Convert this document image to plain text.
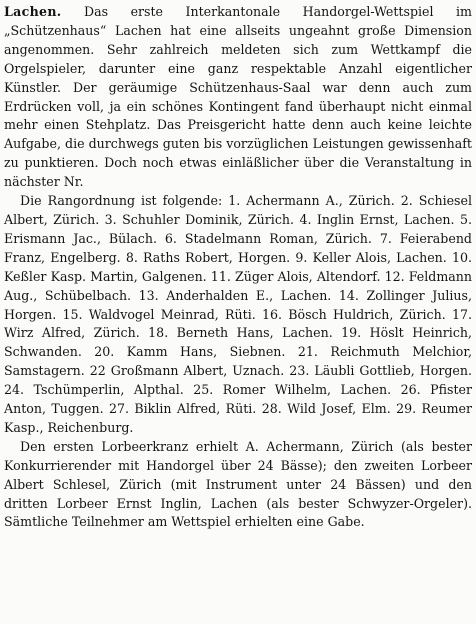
Lachen. Das erste Interkantonale Handorgel-Wettspiel im „Schützenhaus“ Lachen hat eine allseits ungeahnt große Dimension angenommen. Sehr zahlreich meldeten sich zum Wettkampf die Orgelspieler, darunter eine ganz respektable Anzahl eigentlicher Künstler. Der geräumige Schützenhaus-Saal war denn auch zum Erdrücken voll, ja ein schönes Kontingent fand überhaupt nicht einmal mehr einen Stehplatz. Das Preisgericht hatte denn auch keine leichte Aufgabe, die durchwegs guten bis vorzüglichen Leistungen gewissenhaft zu punktieren. Doch noch etwas einläßlicher über die Veranstaltung in nächster Nr.

Die Rangordnung ist folgende: 1. Achermann A., Zürich. 2. Schiesel Albert, Zürich. 3. Schuhler Dominik, Zürich. 4. Inglin Ernst, Lachen. 5. Erismann Jac., Bülach. 6. Stadelmann Roman, Zürich. 7. Feierabend Franz, Engelberg. 8. Raths Robert, Horgen. 9. Keller Alois, Lachen. 10. Keßler Kasp. Martin, Galgenen. 11. Züger Alois, Altendorf. 12. Feldmann Aug., Schübelbach. 13. Anderhalden E., Lachen. 14. Zollinger Julius, Horgen. 15. Waldvogel Meinrad, Rüti. 16. Bösch Huldrich, Zürich. 17. Wirz Alfred, Zürich. 18. Berneth Hans, Lachen. 19. Höslt Heinrich, Schwanden. 20. Kamm Hans, Siebnen. 21. Reichmuth Melchior, Samstagern. 22 Großmann Albert, Uznach. 23. Läubli Gottlieb, Horgen. 24. Tschümperlin, Alpthal. 25. Romer Wilhelm, Lachen. 26. Pfister Anton, Tuggen. 27. Biklin Alfred, Rüti. 28. Wild Josef, Elm. 29. Reumer Kasp., Reichenburg.

Den ersten Lorbeerkranz erhielt A. Achermann, Zürich (als bester Konkurrierender mit Handorgel über 24 Bässe); den zweiten Lorbeer Albert Schlesel, Zürich (mit Instrument unter 24 Bässen) und den dritten Lorbeer Ernst Inglin, Lachen (als bester Schwyzer-Orgeler). Sämtliche Teilnehmer am Wettspiel erhielten eine Gabe.
